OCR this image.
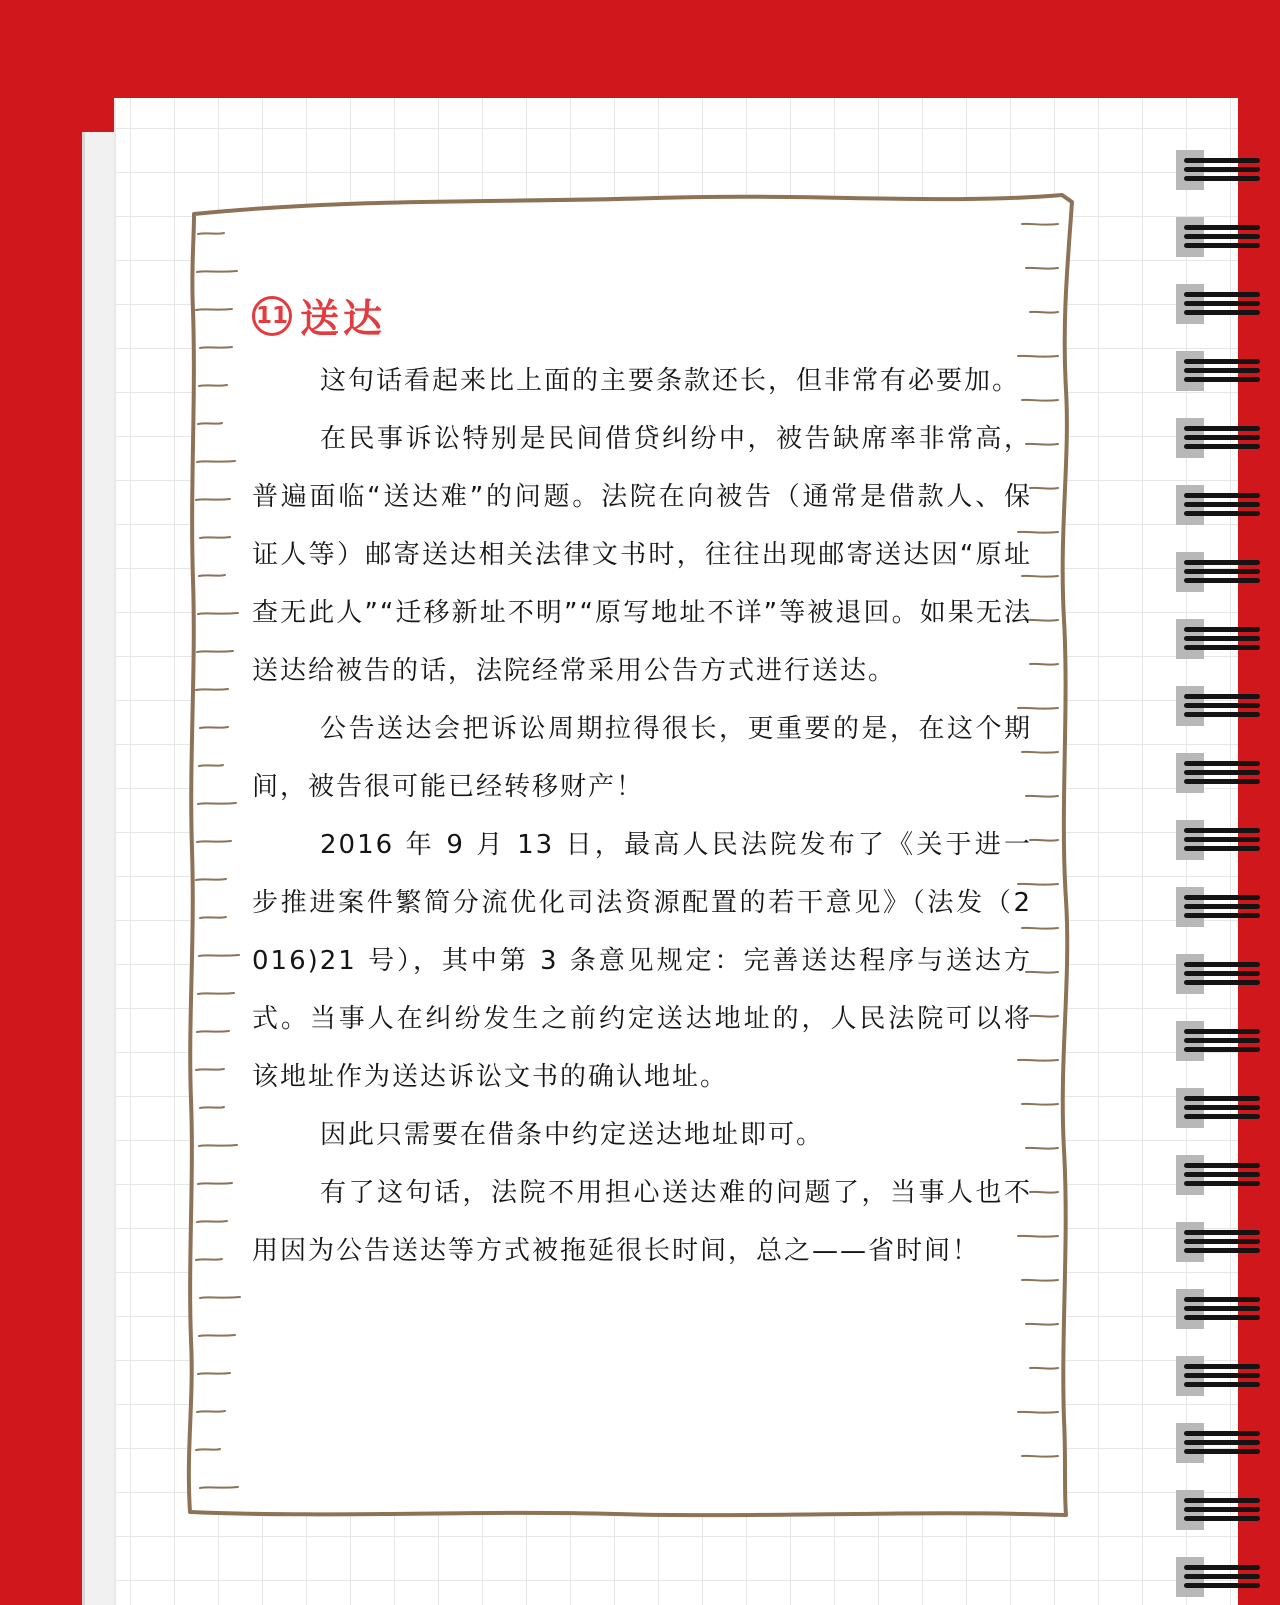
11 送达

这句话看起来比上面的主要条款还长，但非常有必要加。

在民事诉讼特别是民间借贷纠纷中，被告缺席率非常高，普遍面临“送达难”的问题。法院在向被告（通常是借款人、保证人等）邮寄送达相关法律文书时，往往出现邮寄送达因“原址查无此人”“迁移新址不明”“原写地址不详”等被退回。如果无法送达给被告的话，法院经常采用公告方式进行送达。

公告送达会把诉讼周期拉得很长，更重要的是，在这个期间，被告很可能已经转移财产！

2016 年 9 月 13 日，最高人民法院发布了《关于进一步推进案件繁简分流优化司法资源配置的若干意见》（法发（2016)21 号），其中第 3 条意见规定：完善送达程序与送达方式。当事人在纠纷发生之前约定送达地址的，人民法院可以将该地址作为送达诉讼文书的确认地址。

因此只需要在借条中约定送达地址即可。

有了这句话，法院不用担心送达难的问题了，当事人也不用因为公告送达等方式被拖延很长时间，总之——省时间！
